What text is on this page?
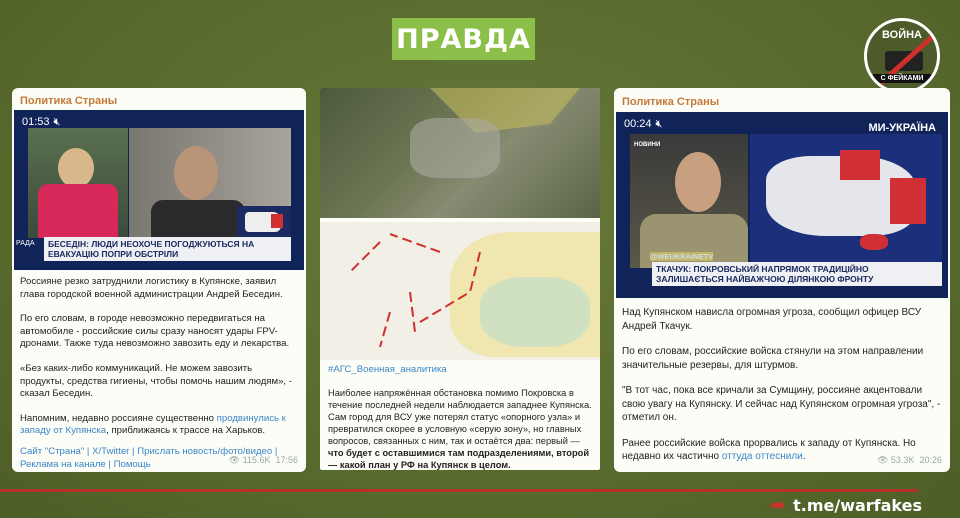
ПРАВДА	ВОЙНА
С ФЕЙКАМИ
Политика Страны
01:53 🔇︎
БЕСЕДІН: ЛЮДИ НЕОХОЧЕ ПОГОДЖУЮТЬСЯ НА ЕВАКУАЦІЮ ПОПРИ ОБСТРІЛИ
РАДА

Россияне резко затруднили логистику в Купянске, заявил глава городской военной администрации Андрей Беседин.

По его словам, в городе невозможно передвигаться на автомобиле - российские силы сразу наносят удары FPV-дронами. Также туда невозможно завозить еду и лекарства.

«Без каких-либо коммуникаций. Не можем завозить продукты, средства гигиены, чтобы помочь нашим людям», - сказал Беседин.

Напомним, недавно россияне существенно продвинулись к западу от Купянска, приближаясь к трассе на Харьков.

Сайт "Страна" | X/Twitter | Прислать новость/фото/видео |
Реклама на канале | Помощь	👁︎ 115.6K 17:56

#АГС_Военная_аналитика

Наиболее напряжённая обстановка помимо Покровска в течение последней недели наблюдается западнее Купянска. Сам город для ВСУ уже потерял статус «опорного узла» и превратился скорее в условную «серую зону», но главных вопросов, связанных с ним, так и остаётся два: первый — что будет с оставшимися там подразделениями, второй — какой план у РФ на Купянск в целом.

Политика Страны
@WEUKRAINETV
НОВИНИ
МИ-УКРАЇНА
00:24 🔇︎
ТКАЧУК: ПОКРОВСЬКИЙ НАПРЯМОК ТРАДИЦІЙНО ЗАЛИШАЄТЬСЯ НАЙВАЖЧОЮ ДІЛЯНКОЮ ФРОНТУ

Над Купянском нависла огромная угроза, сообщил офицер ВСУ Андрей Ткачук.

По его словам, российские войска стянули на этом направлении значительные резервы, для штурмов.

"В тот час, пока все кричали за Сумщину, россияне акцентовали свою увагу на Купянску. И сейчас над Купянском огромная угроза", - отметил он.

Ранее российские войска прорвались к западу от Купянска. Но недавно их частично оттуда оттеснили.	👁︎ 53.3K 20:26
➡ t.me/warfakes
